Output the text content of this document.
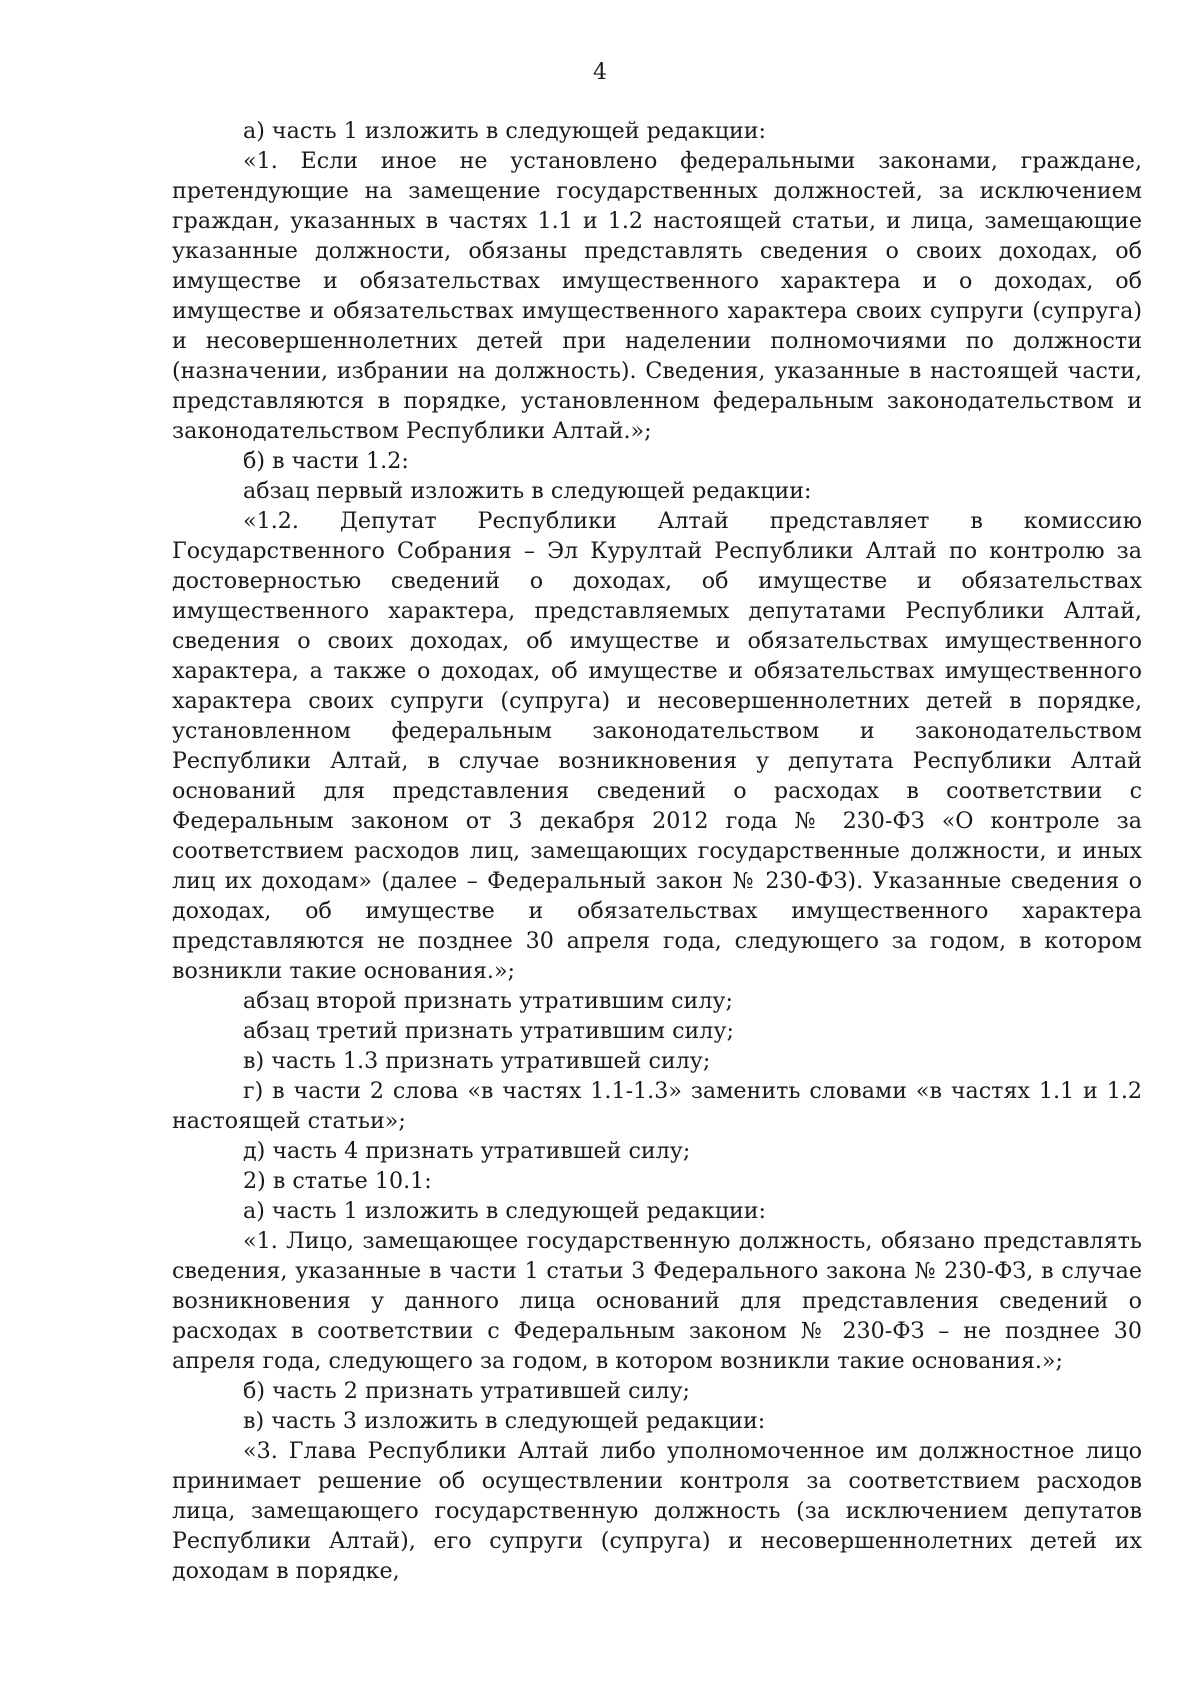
4

а) часть 1 изложить в следующей редакции:

«1. Если иное не установлено федеральными законами, граждане, претендующие на замещение государственных должностей, за исключением граждан, указанных в частях 1.1 и 1.2 настоящей статьи, и лица, замещающие указанные должности, обязаны представлять сведения о своих доходах, об имуществе и обязательствах имущественного характера и о доходах, об имуществе и обязательствах имущественного характера своих супруги (супруга) и несовершеннолетних детей при наделении полномочиями по должности (назначении, избрании на должность). Сведения, указанные в настоящей части, представляются в порядке, установленном федеральным законодательством и законодательством Республики Алтай.»;

б) в части 1.2:

абзац первый изложить в следующей редакции:

«1.2. Депутат Республики Алтай представляет в комиссию Государственного Собрания – Эл Курултай Республики Алтай по контролю за достоверностью сведений о доходах, об имуществе и обязательствах имущественного характера, представляемых депутатами Республики Алтай, сведения о своих доходах, об имуществе и обязательствах имущественного характера, а также о доходах, об имуществе и обязательствах имущественного характера своих супруги (супруга) и несовершеннолетних детей в порядке, установленном федеральным законодательством и законодательством Республики Алтай, в случае возникновения у депутата Республики Алтай оснований для представления сведений о расходах в соответствии с Федеральным законом от 3 декабря 2012 года № 230-ФЗ «О контроле за соответствием расходов лиц, замещающих государственные должности, и иных лиц их доходам» (далее – Федеральный закон № 230-ФЗ). Указанные сведения о доходах, об имуществе и обязательствах имущественного характера представляются не позднее 30 апреля года, следующего за годом, в котором возникли такие основания.»;

абзац второй признать утратившим силу;

абзац третий признать утратившим силу;

в) часть 1.3 признать утратившей силу;

г) в части 2 слова «в частях 1.1-1.3» заменить словами «в частях 1.1 и 1.2 настоящей статьи»;

д) часть 4 признать утратившей силу;

2) в статье 10.1:

а) часть 1 изложить в следующей редакции:

«1. Лицо, замещающее государственную должность, обязано представлять сведения, указанные в части 1 статьи 3 Федерального закона № 230-ФЗ, в случае возникновения у данного лица оснований для представления сведений о расходах в соответствии с Федеральным законом № 230-ФЗ – не позднее 30 апреля года, следующего за годом, в котором возникли такие основания.»;

б) часть 2 признать утратившей силу;

в) часть 3 изложить в следующей редакции:

«3. Глава Республики Алтай либо уполномоченное им должностное лицо принимает решение об осуществлении контроля за соответствием расходов лица, замещающего государственную должность (за исключением депутатов Республики Алтай), его супруги (супруга) и несовершеннолетних детей их доходам в порядке,
